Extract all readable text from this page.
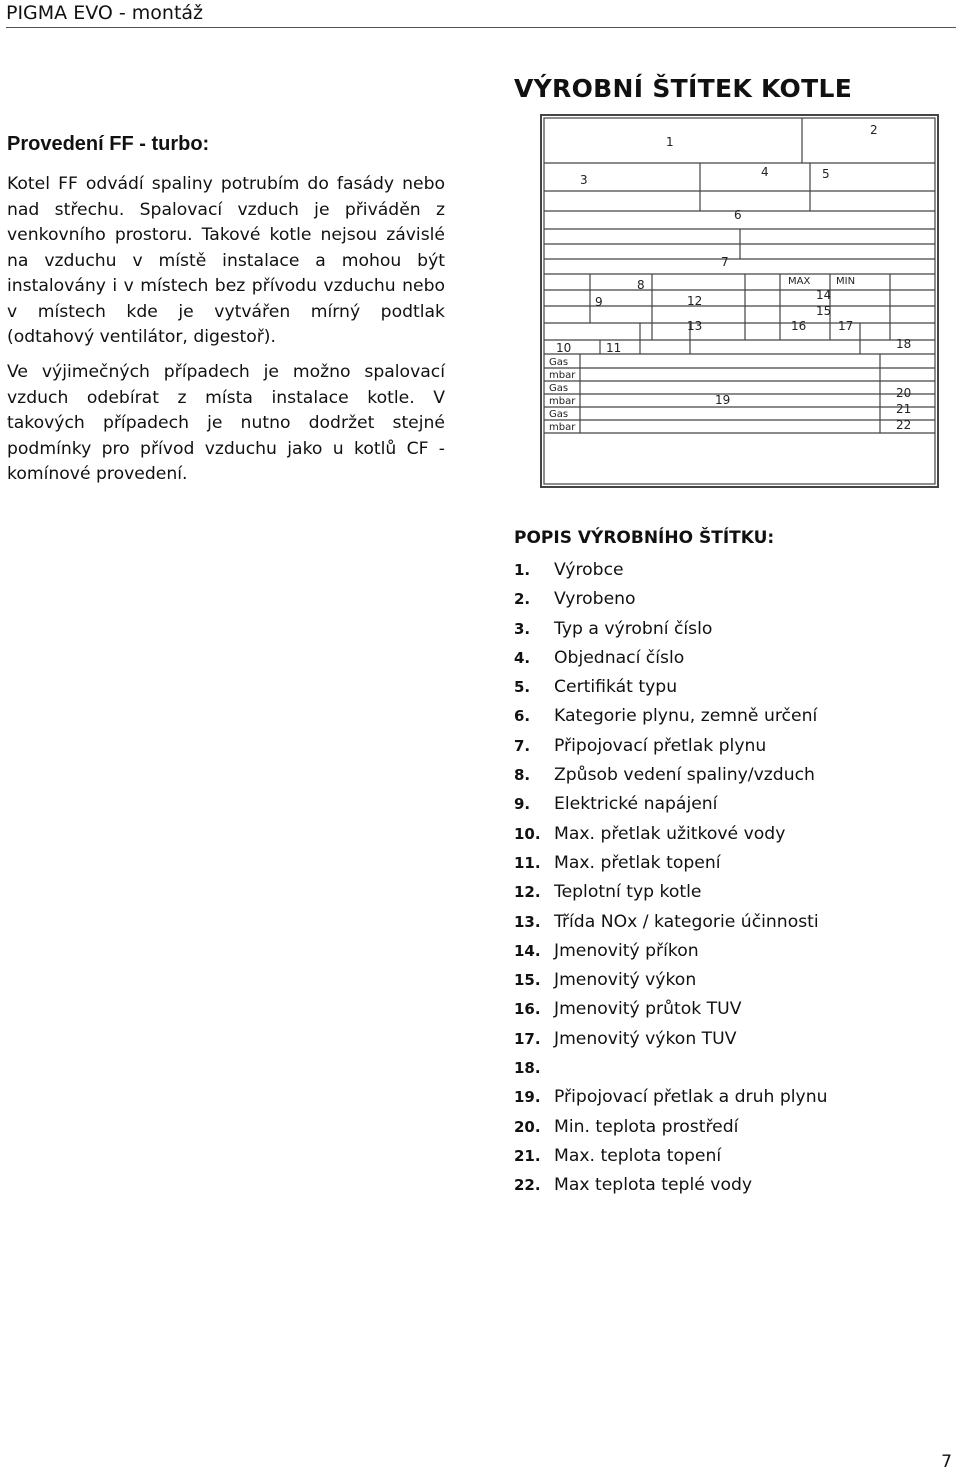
PIGMA EVO - montáž
VÝROBNÍ ŠTÍTEK KOTLE
Provedení FF - turbo:

Kotel FF odvádí spaliny potrubím do fasády nebo nad střechu. Spalovací vzduch je přiváděn z venkovního prostoru. Takové kotle nejsou závislé na vzduchu v místě instalace a mohou být instalovány i v místech bez přívodu vzduchu nebo v místech kde je vytvářen mírný podtlak (odtahový ventilátor, digestoř).

Ve výjimečných případech je možno spalovací vzduch odebírat z místa instalace kotle. V takových případech je nutno dodržet stejné podmínky pro přívod vzduchu jako u kotlů CF - komínové provedení.

1
2
3
4	5
6
7
8
9
10	11
12
13
14
15
16	17
18
19	20
21
22
MAX	MIN
Gas
mbar
Gas
mbar
Gas
mbar
POPIS VÝROBNÍHO ŠTÍTKU:
1. Výrobce
2. Vyrobeno
3. Typ a výrobní číslo
4. Objednací číslo
5. Certifikát typu
6. Kategorie plynu, zemně určení
7. Připojovací přetlak plynu
8. Způsob vedení spaliny/vzduch
9. Elektrické napájení
10. Max. přetlak užitkové vody
11. Max. přetlak topení
12. Teplotní typ kotle
13. Třída NOx / kategorie účinnosti
14. Jmenovitý příkon
15. Jmenovitý výkon
16. Jmenovitý průtok TUV
17. Jmenovitý výkon TUV
18.
19. Připojovací přetlak a druh plynu
20. Min. teplota prostředí
21. Max. teplota topení
22. Max teplota teplé vody
7
